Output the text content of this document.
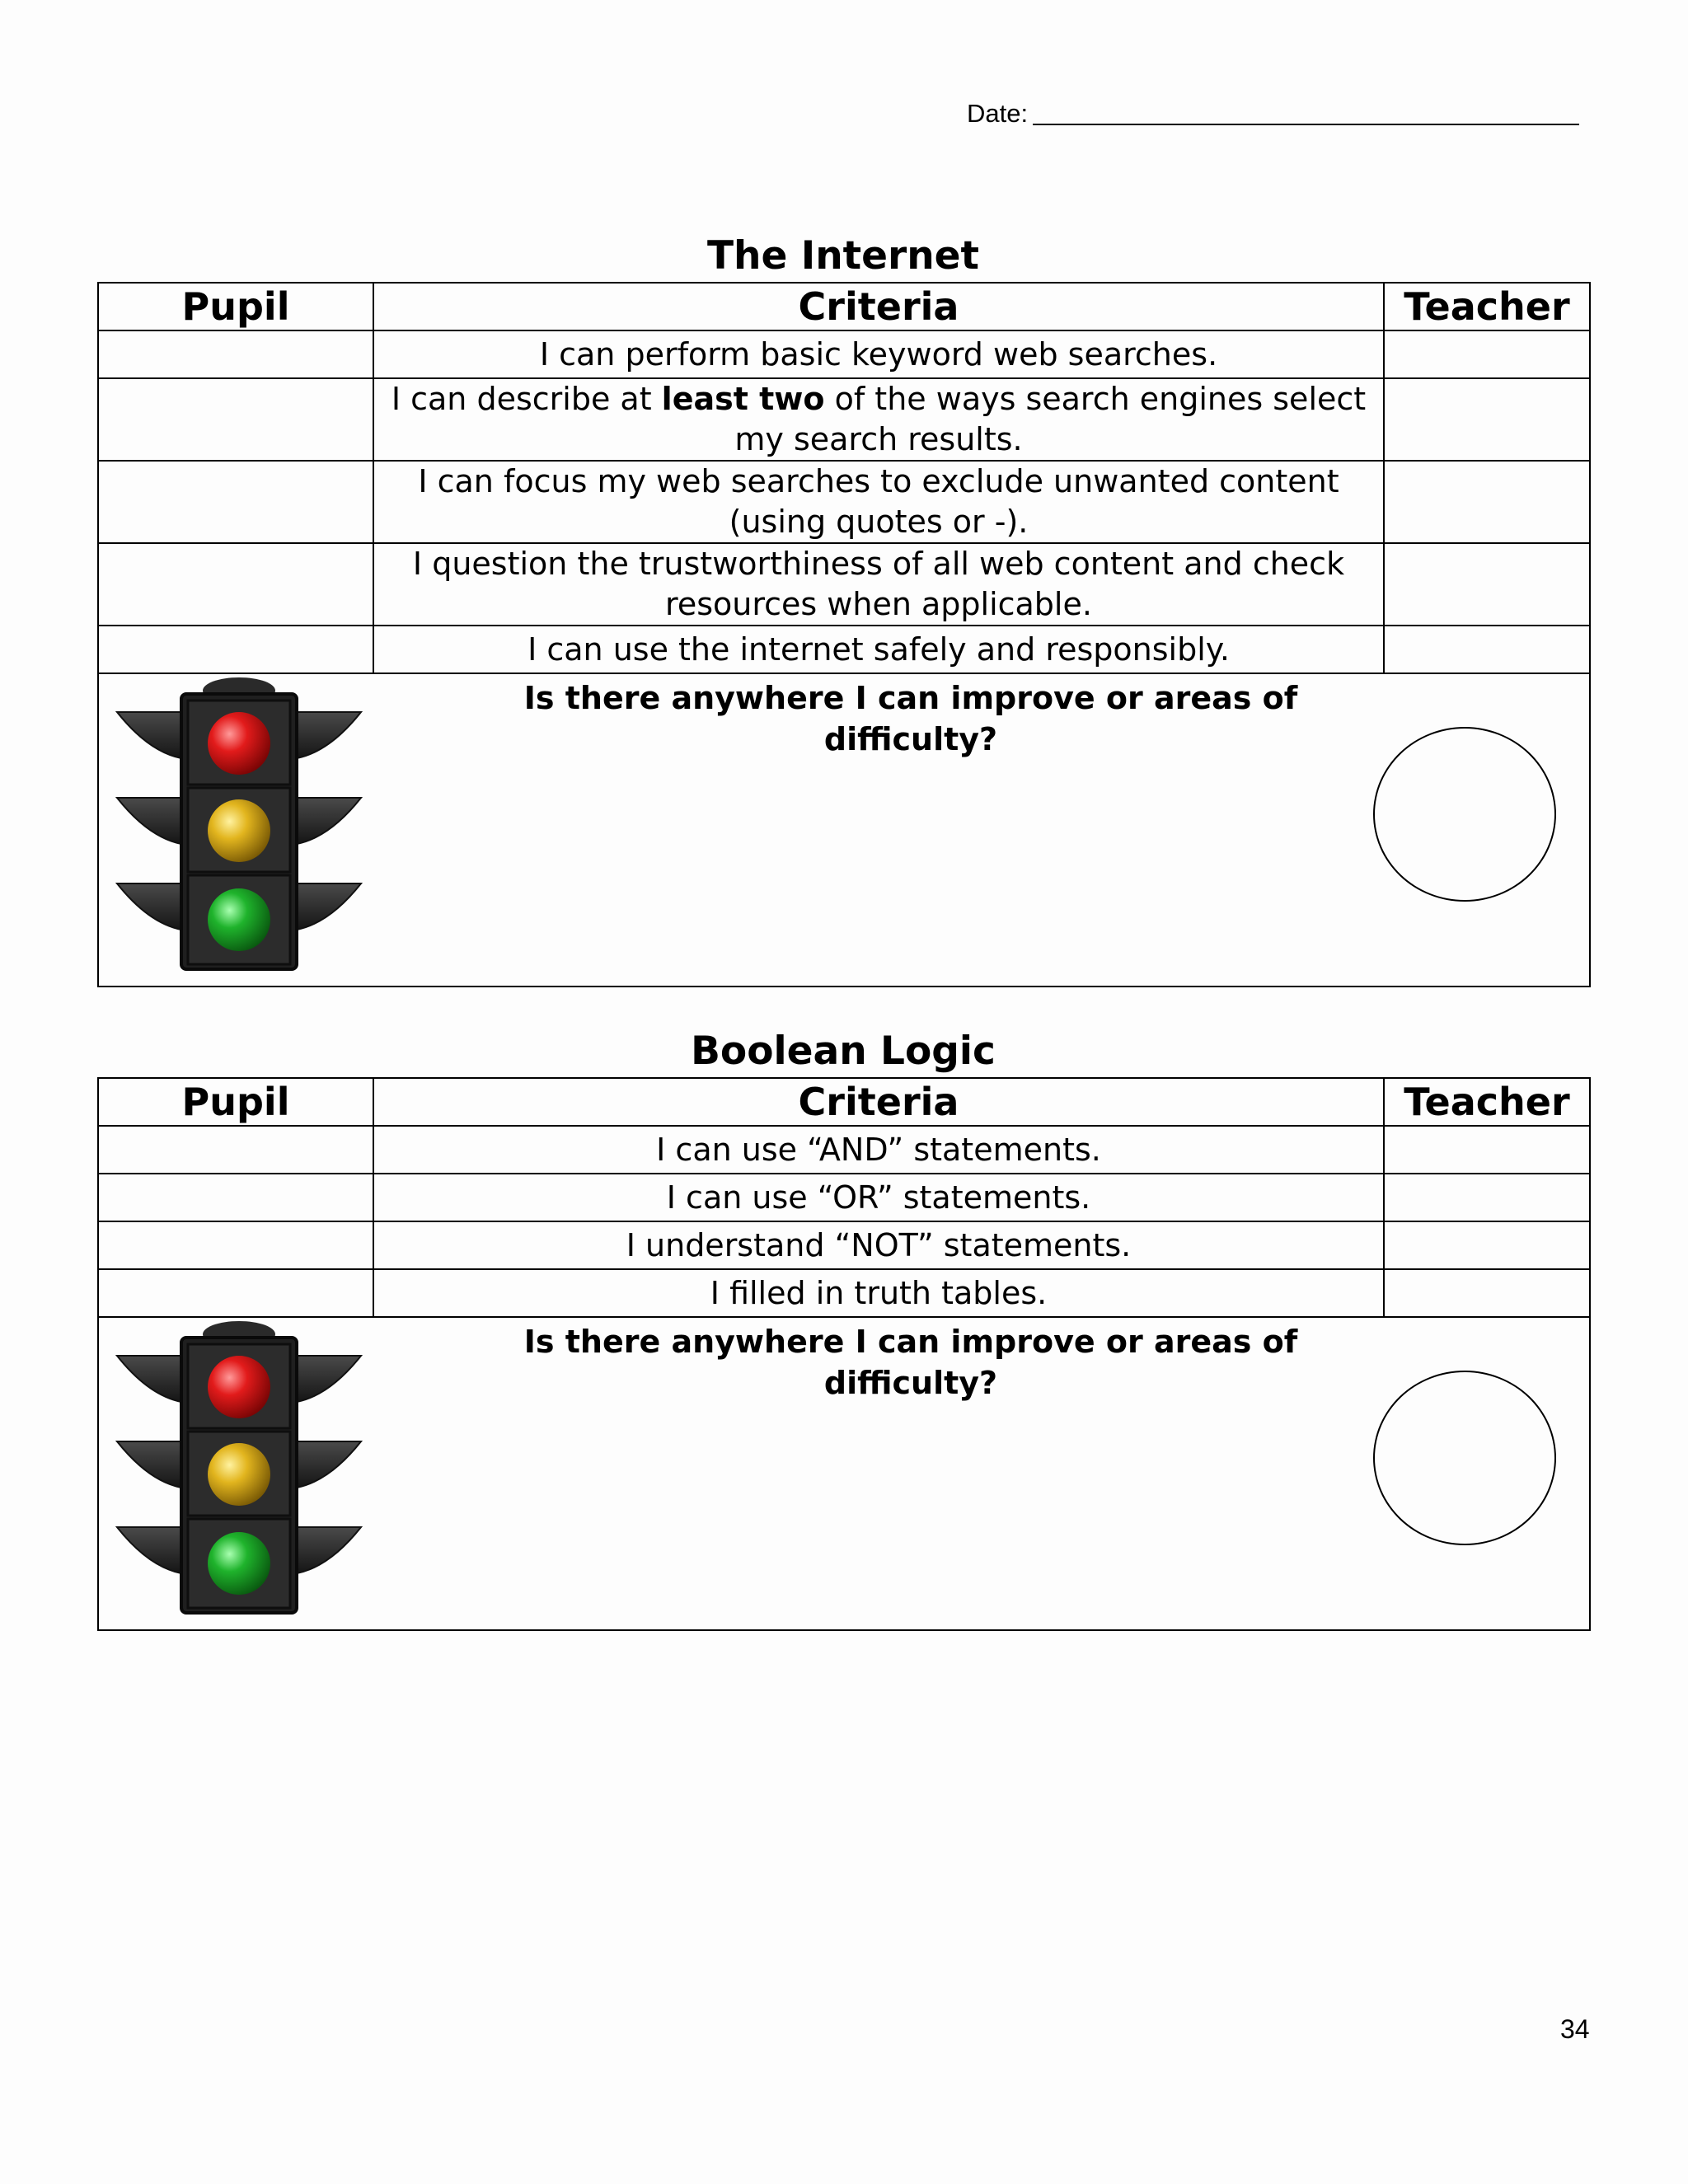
Date:
The Internet
Pupil	Criteria	Teacher
	I can perform basic keyword web searches.	
	I can describe at least two of the ways search engines select my search results.	
	I can focus my web searches to exclude unwanted content (using quotes or -).	
	I question the trustworthiness of all web content and check resources when applicable.	
	I can use the internet safely and responsibly.	

Is there anywhere I can improve or areas of difficulty?		
Boolean Logic
Pupil	Criteria	Teacher
	I can use “AND” statements.	
	I can use “OR” statements.	
	I understand “NOT” statements.	
	I filled in truth tables.	

Is there anywhere I can improve or areas of difficulty?		
34
